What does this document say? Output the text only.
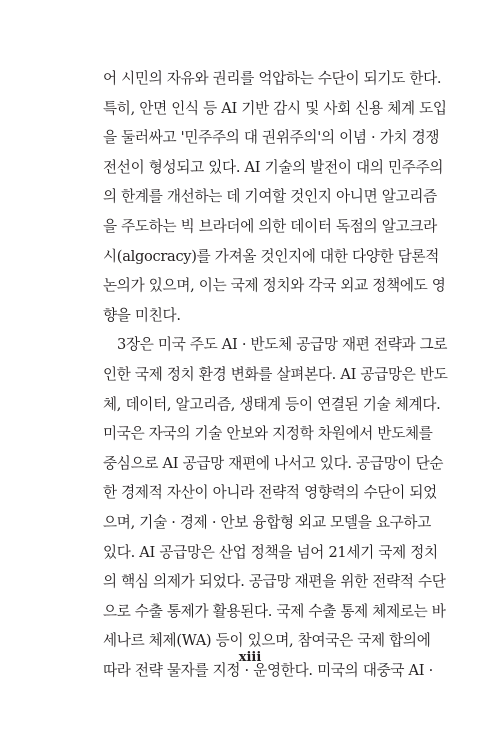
어 시민의 자유와 권리를 억압하는 수단이 되기도 한다.
특히, 안면 인식 등 AI 기반 감시 및 사회 신용 체계 도입
을 둘러싸고 '민주주의 대 권위주의'의 이념 · 가치 경쟁
전선이 형성되고 있다. AI 기술의 발전이 대의 민주주의
의 한계를 개선하는 데 기여할 것인지 아니면 알고리즘
을 주도하는 빅 브라더에 의한 데이터 독점의 알고크라
시(algocracy)를 가져올 것인지에 대한 다양한 담론적
논의가 있으며, 이는 국제 정치와 각국 외교 정책에도 영
향을 미친다.
3장은 미국 주도 AI · 반도체 공급망 재편 전략과 그로
인한 국제 정치 환경 변화를 살펴본다. AI 공급망은 반도
체, 데이터, 알고리즘, 생태계 등이 연결된 기술 체계다.
미국은 자국의 기술 안보와 지정학 차원에서 반도체를
중심으로 AI 공급망 재편에 나서고 있다. 공급망이 단순
한 경제적 자산이 아니라 전략적 영향력의 수단이 되었
으며, 기술 · 경제 · 안보 융합형 외교 모델을 요구하고
있다. AI 공급망은 산업 정책을 넘어 21세기 국제 정치
의 핵심 의제가 되었다. 공급망 재편을 위한 전략적 수단
으로 수출 통제가 활용된다. 국제 수출 통제 체제로는 바
세나르 체제(WA) 등이 있으며, 참여국은 국제 합의에
따라 전략 물자를 지정 · 운영한다. 미국의 대중국 AI ·
xiii
